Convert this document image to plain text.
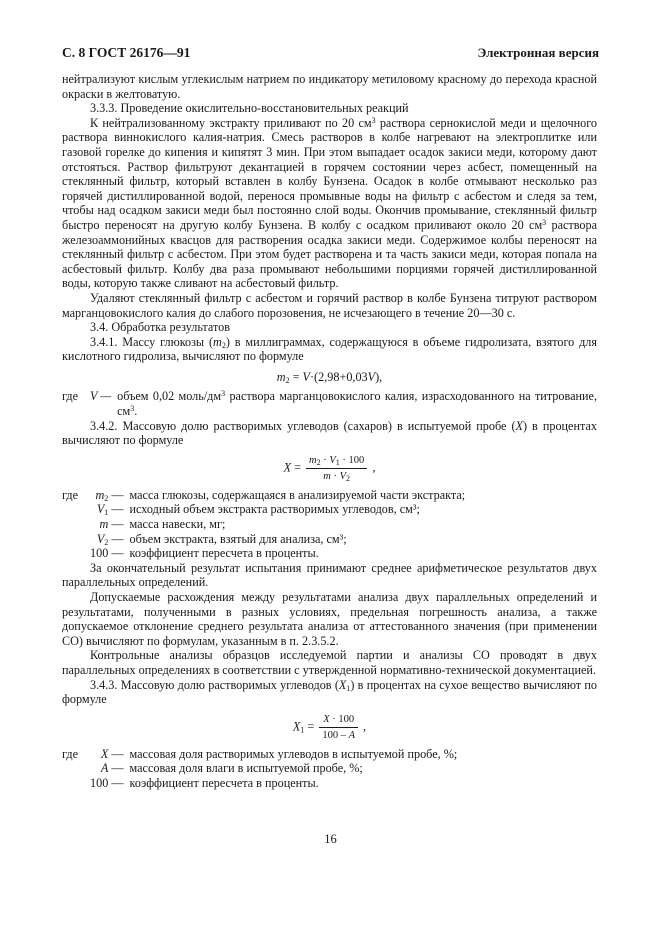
С. 8 ГОСТ 26176—91	Электронная версия

нейтрализуют кислым углекислым натрием по индикатору метиловому красному до перехода красной окраски в желтоватую.

3.3.3. Проведение окислительно-восстановительных реакций

К нейтрализованному экстракту приливают по 20 $см^3$ раствора сернокислой меди и щелочного раствора виннокислого калия-натрия. Смесь растворов в колбе нагревают на электроплитке или газовой горелке до кипения и кипятят 3 мин. При этом выпадает осадок закиси меди, которому дают отстояться. Раствор фильтруют декантацией в горячем состоянии через асбест, помещенный на стеклянный фильтр, который вставлен в колбу Бунзена. Осадок в колбе отмывают несколько раз горячей дистиллированной водой, перенося промывные воды на фильтр с асбестом и следя за тем, чтобы над осадком закиси меди был постоянно слой воды. Окончив промывание, стеклянный фильтр быстро переносят на другую колбу Бунзена. В колбу с осадком приливают около 20 $см^3$ раствора железоаммонийных квасцов для растворения осадка закиси меди. Содержимое колбы переносят на стеклянный фильтр с асбестом. При этом будет растворена и та часть закиси меди, которая попала на асбестовый фильтр. Колбу два раза промывают небольшими порциями горячей дистиллированной воды, которую также сливают на асбестовый фильтр.

Удаляют стеклянный фильтр с асбестом и горячий раствор в колбе Бунзена титруют раствором марганцовокислого калия до слабого порозовения, не исчезающего в течение 20—30 с.

3.4. Обработка результатов

3.4.1. Массу глюкозы $(m_2)$ в миллиграммах, содержащуюся в объеме гидролизата, взятого для кислотного гидролиза, вычисляют по формуле

$m_2 = V\cdot(2,98+0,03V)$,
где	V —	объем 0,02 моль/$дм^3$ раствора марганцовокислого калия, израсходованного на титрование, $см^3$.

3.4.2. Массовую долю растворимых углеводов (сахаров) в испытуемой пробе (X) в процентах вычисляют по формуле

$X = \frac{m_2 \cdot V_1 \cdot 100}{m \cdot V_2}$ ,
где	$m_2$ —	масса глюкозы, содержащаяся в анализируемой части экстракта;
	$V_1$ —	исходный объем экстракта растворимых углеводов, см³;
	m —	масса навески, мг;
	$V_2$ —	объем экстракта, взятый для анализа, см³;
	100 —	коэффициент пересчета в проценты.

За окончательный результат испытания принимают среднее арифметическое результатов двух параллельных определений.

Допускаемые расхождения между результатами анализа двух параллельных определений и результатами, полученными в разных условиях, предельная погрешность анализа, а также допускаемое отклонение среднего результата анализа от аттестованного значения (при применении СО) вычисляют по формулам, указанным в п. 2.3.5.2.

Контрольные анализы образцов исследуемой партии и анализы СО проводят в двух параллельных определениях в соответствии с утвержденной нормативно-технической документацией.

3.4.3. Массовую долю растворимых углеводов $(X_1)$ в процентах на сухое вещество вычисляют по формуле

$X_1 = \frac{X \cdot 100}{100 - A}$ ,
где	X —	массовая доля растворимых углеводов в испытуемой пробе, %;
	A —	массовая доля влаги в испытуемой пробе, %;
	100 —	коэффициент пересчета в проценты.
16
